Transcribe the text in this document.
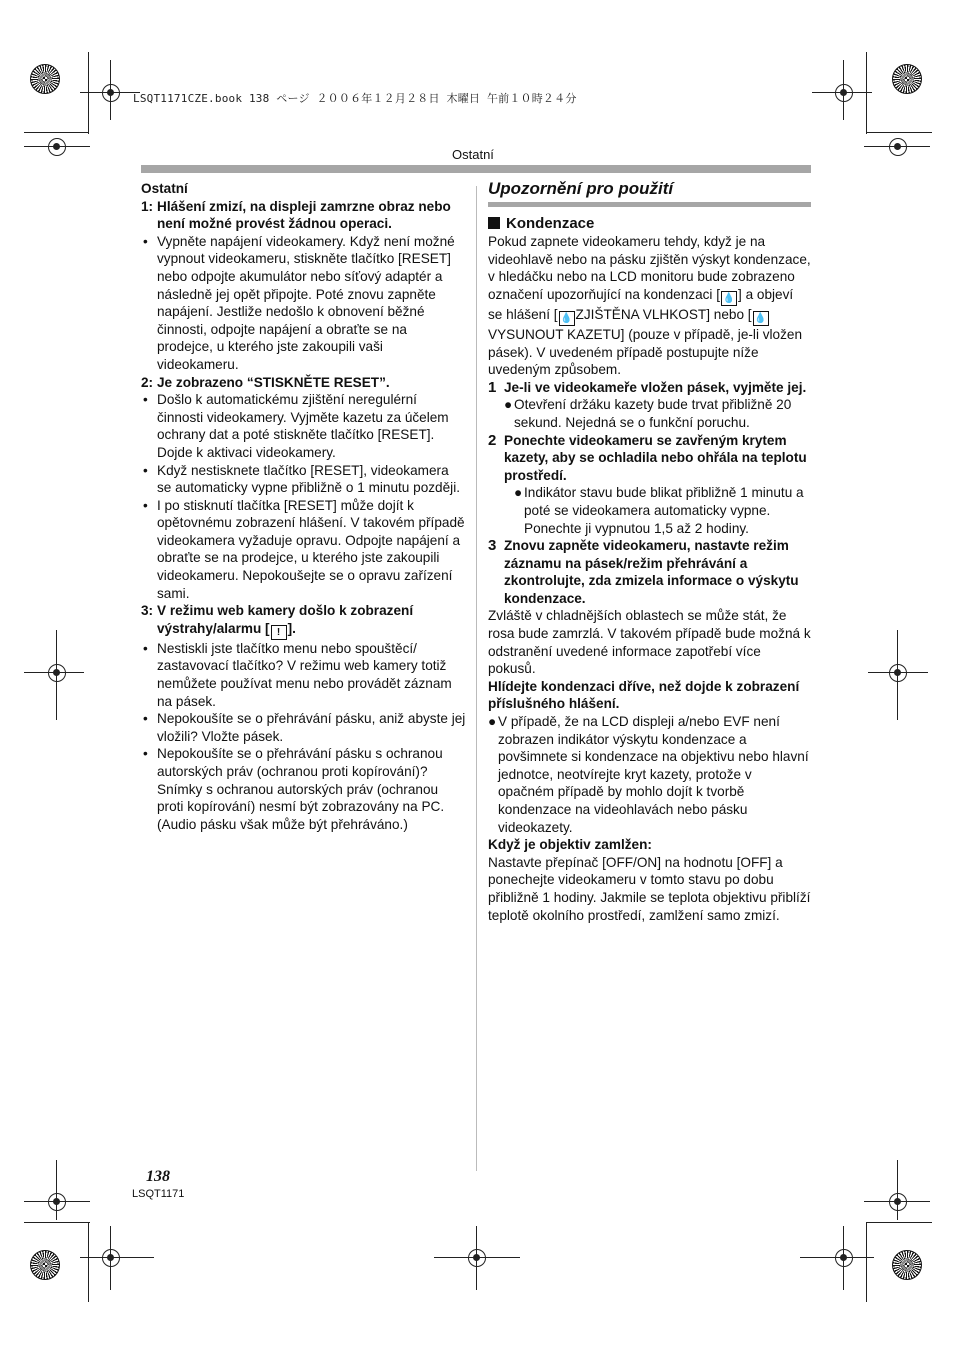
LSQT1171CZE.book 138 ページ ２００６年１２月２８日 木曜日 午前１０時２４分
Ostatní
Ostatní
1: Hlášení zmizí, na displeji zamrzne obraz nebo není možné provést žádnou operaci.
• Vypněte napájení videokamery. Když není možné vypnout videokameru, stiskněte tlačítko [RESET] nebo odpojte akumulátor nebo síťový adaptér a následně jej opět připojte. Poté znovu zapněte napájení. Jestliže nedošlo k obnovení běžné činnosti, odpojte napájení a obraťte se na prodejce, u kterého jste zakoupili vaši videokameru.
2: Je zobrazeno “STISKNĚTE RESET”.
• Došlo k automatickému zjištění neregulérní činnosti videokamery. Vyjměte kazetu za účelem ochrany dat a poté stiskněte tlačítko [RESET]. Dojde k aktivaci videokamery.
• Když nestisknete tlačítko [RESET], videokamera se automaticky vypne přibližně o 1 minutu později.
• I po stisknutí tlačítka [RESET] může dojít k opětovnému zobrazení hlášení. V takovém případě videokamera vyžaduje opravu. Odpojte napájení a obraťte se na prodejce, u kterého jste zakoupili videokameru. Nepokoušejte se o opravu zařízení sami.
3: V režimu web kamery došlo k zobrazení výstrahy/alarmu [ ! ].
• Nestiskli jste tlačítko menu nebo spouštěcí/ zastavovací tlačítko? V režimu web kamery totiž nemůžete používat menu nebo provádět záznam na pásek.
• Nepokoušíte se o přehrávání pásku, aniž abyste jej vložili? Vložte pásek.
• Nepokoušíte se o přehrávání pásku s ochranou autorských práv (ochranou proti kopírování)? Snímky s ochranou autorských práv (ochranou proti kopírování) nesmí být zobrazovány na PC. (Audio pásku však může být přehráváno.)
Upozornění pro použití
Kondenzace
Pokud zapnete videokameru tehdy, když je na videohlavě nebo na pásku zjištěn výskyt kondenzace, v hledáčku nebo na LCD monitoru bude zobrazeno označení upozorňující na kondenzaci [ 💧 ] a objeví se hlášení [ 💧 ZJIŠTĚNA VLHKOST] nebo [ 💧VYSUNOUT KAZETU] (pouze v případě, je-li vložen pásek). V uvedeném případě postupujte níže uvedeným způsobem.
1 Je-li ve videokameře vložen pásek, vyjměte jej.
● Otevření držáku kazety bude trvat přibližně 20 sekund. Nejedná se o funkční poruchu.
2 Ponechte videokameru se zavřeným krytem kazety, aby se ochladila nebo ohřála na teplotu prostředí.
● Indikátor stavu bude blikat přibližně 1 minutu a poté se videokamera automaticky vypne. Ponechte ji vypnutou 1,5 až 2 hodiny.
3 Znovu zapněte videokameru, nastavte režim záznamu na pásek/režim přehrávání a zkontrolujte, zda zmizela informace o výskytu kondenzace.
Zvláště v chladnějších oblastech se může stát, že rosa bude zamrzlá. V takovém případě bude možná k odstranění uvedené informace zapotřebí více pokusů.
Hlídejte kondenzaci dříve, než dojde k zobrazení příslušného hlášení.
● V případě, že na LCD displeji a/nebo EVF není zobrazen indikátor výskytu kondenzace a povšimnete si kondenzace na objektivu nebo hlavní jednotce, neotvírejte kryt kazety, protože v opačném případě by mohlo dojít k tvorbě kondenzace na videohlavách nebo pásku videokazety.
Když je objektiv zamlžen:
Nastavte přepínač [OFF/ON] na hodnotu [OFF] a ponechejte videokameru v tomto stavu po dobu přibližně 1 hodiny. Jakmile se teplota objektivu přiblíží teplotě okolního prostředí, zamlžení samo zmizí.
138
LSQT1171
